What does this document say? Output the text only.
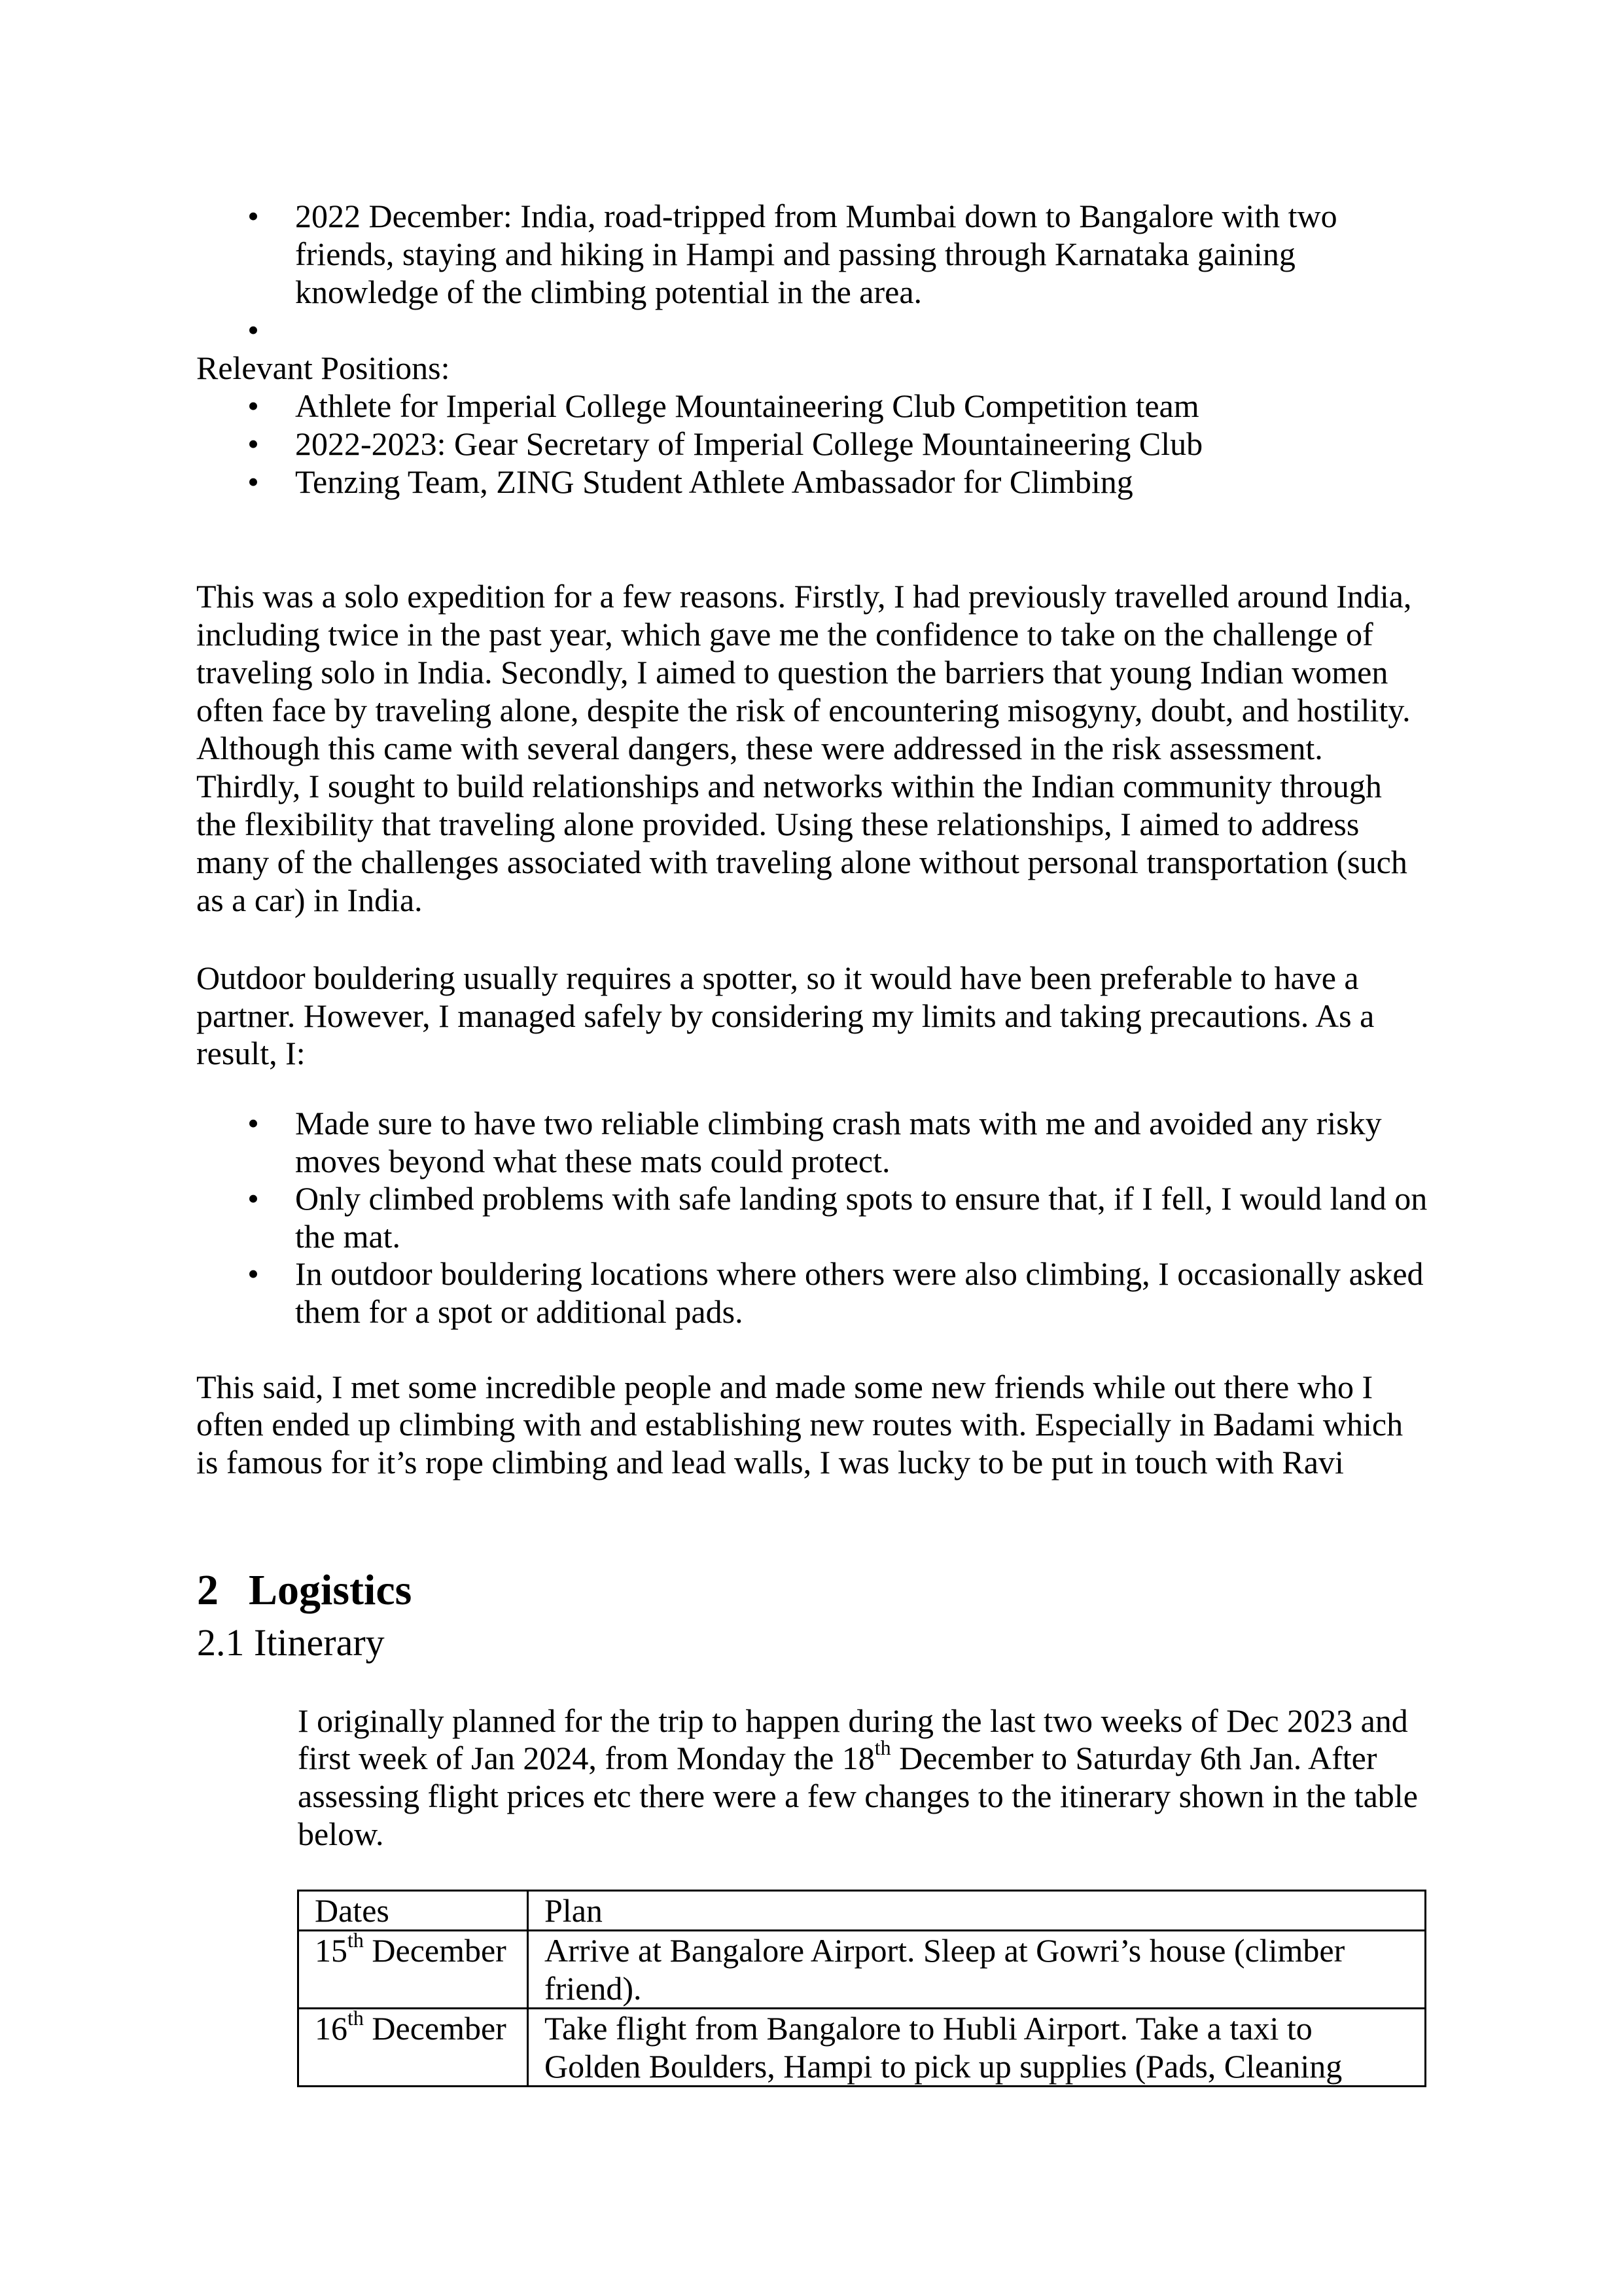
• 2022 December: India, road-tripped from Mumbai down to Bangalore with two
friends, staying and hiking in Hampi and passing through Karnataka gaining
knowledge of the climbing potential in the area.
•
Relevant Positions:
• Athlete for Imperial College Mountaineering Club Competition team
• 2022-2023: Gear Secretary of Imperial College Mountaineering Club
• Tenzing Team, ZING Student Athlete Ambassador for Climbing
This was a solo expedition for a few reasons. Firstly, I had previously travelled around India,
including twice in the past year, which gave me the confidence to take on the challenge of
traveling solo in India. Secondly, I aimed to question the barriers that young Indian women
often face by traveling alone, despite the risk of encountering misogyny, doubt, and hostility.
Although this came with several dangers, these were addressed in the risk assessment.
Thirdly, I sought to build relationships and networks within the Indian community through
the flexibility that traveling alone provided. Using these relationships, I aimed to address
many of the challenges associated with traveling alone without personal transportation (such
as a car) in India.
Outdoor bouldering usually requires a spotter, so it would have been preferable to have a
partner. However, I managed safely by considering my limits and taking precautions. As a
result, I:
• Made sure to have two reliable climbing crash mats with me and avoided any risky
moves beyond what these mats could protect.
• Only climbed problems with safe landing spots to ensure that, if I fell, I would land on
the mat.
• In outdoor bouldering locations where others were also climbing, I occasionally asked
them for a spot or additional pads.
This said, I met some incredible people and made some new friends while out there who I
often ended up climbing with and establishing new routes with. Especially in Badami which
is famous for it’s rope climbing and lead walls, I was lucky to be put in touch with Ravi
2 Logistics
2.1 Itinerary
I originally planned for the trip to happen during the last two weeks of Dec 2023 and
first week of Jan 2024, from Monday the 18th December to Saturday 6th Jan. After
assessing flight prices etc there were a few changes to the itinerary shown in the table
below.
Dates	Plan
15th December	Arrive at Bangalore Airport. Sleep at Gowri’s house (climber
friend).

16th December	Take flight from Bangalore to Hubli Airport. Take a taxi to
Golden Boulders, Hampi to pick up supplies (Pads, Cleaning
